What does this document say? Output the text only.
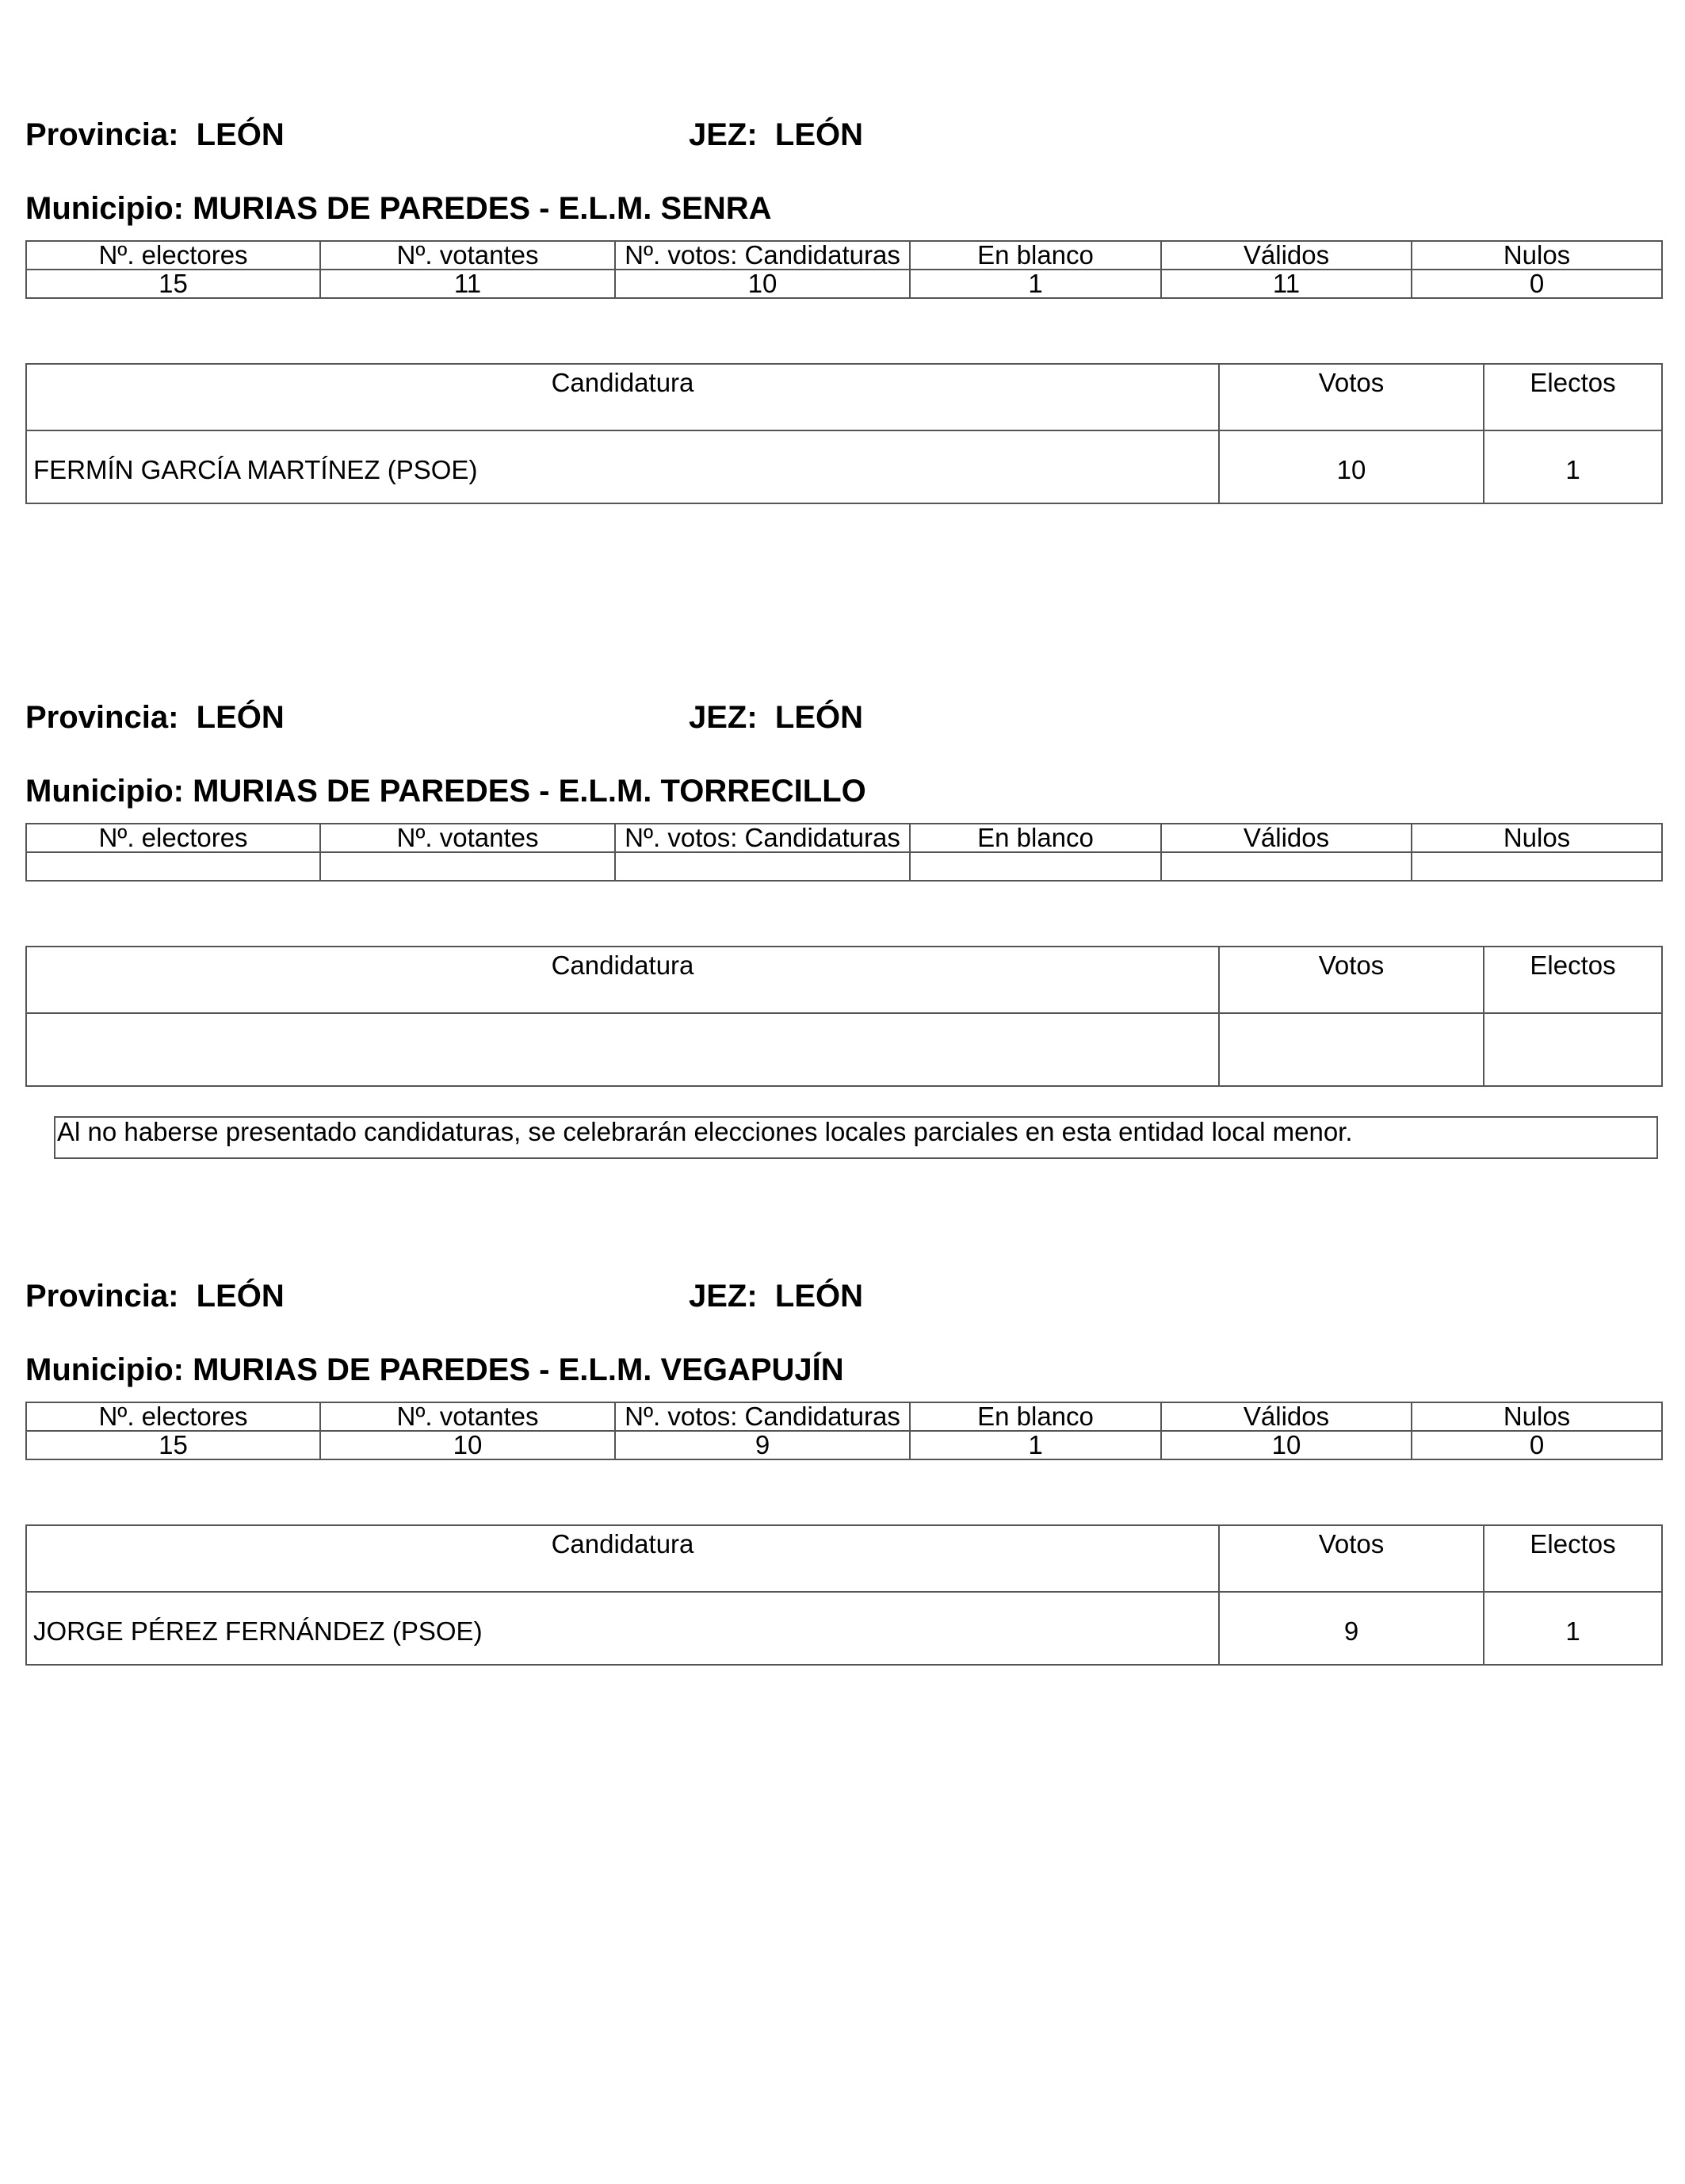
Provincia: LEÓN	JEZ: LEÓN
Municipio: MURIAS DE PAREDES - E.L.M. SENRA
Nº. electores	Nº. votantes	Nº. votos: Candidaturas	En blanco	Válidos	Nulos
15	11	10	1	11	0
Candidatura	Votos	Electos
FERMÍN GARCÍA MARTÍNEZ (PSOE)	10	1
Provincia: LEÓN	JEZ: LEÓN
Municipio: MURIAS DE PAREDES - E.L.M. TORRECILLO
Nº. electores	Nº. votantes	Nº. votos: Candidaturas	En blanco	Válidos	Nulos

Candidatura	Votos	Electos

Provincia: LEÓN	JEZ: LEÓN
Municipio: MURIAS DE PAREDES - E.L.M. VEGAPUJÍN
Nº. electores	Nº. votantes	Nº. votos: Candidaturas	En blanco	Válidos	Nulos
15	10	9	1	10	0
Candidatura	Votos	Electos
JORGE PÉREZ FERNÁNDEZ (PSOE)	9	1
Al no haberse presentado candidaturas, se celebrarán elecciones locales parciales en esta entidad local menor.
